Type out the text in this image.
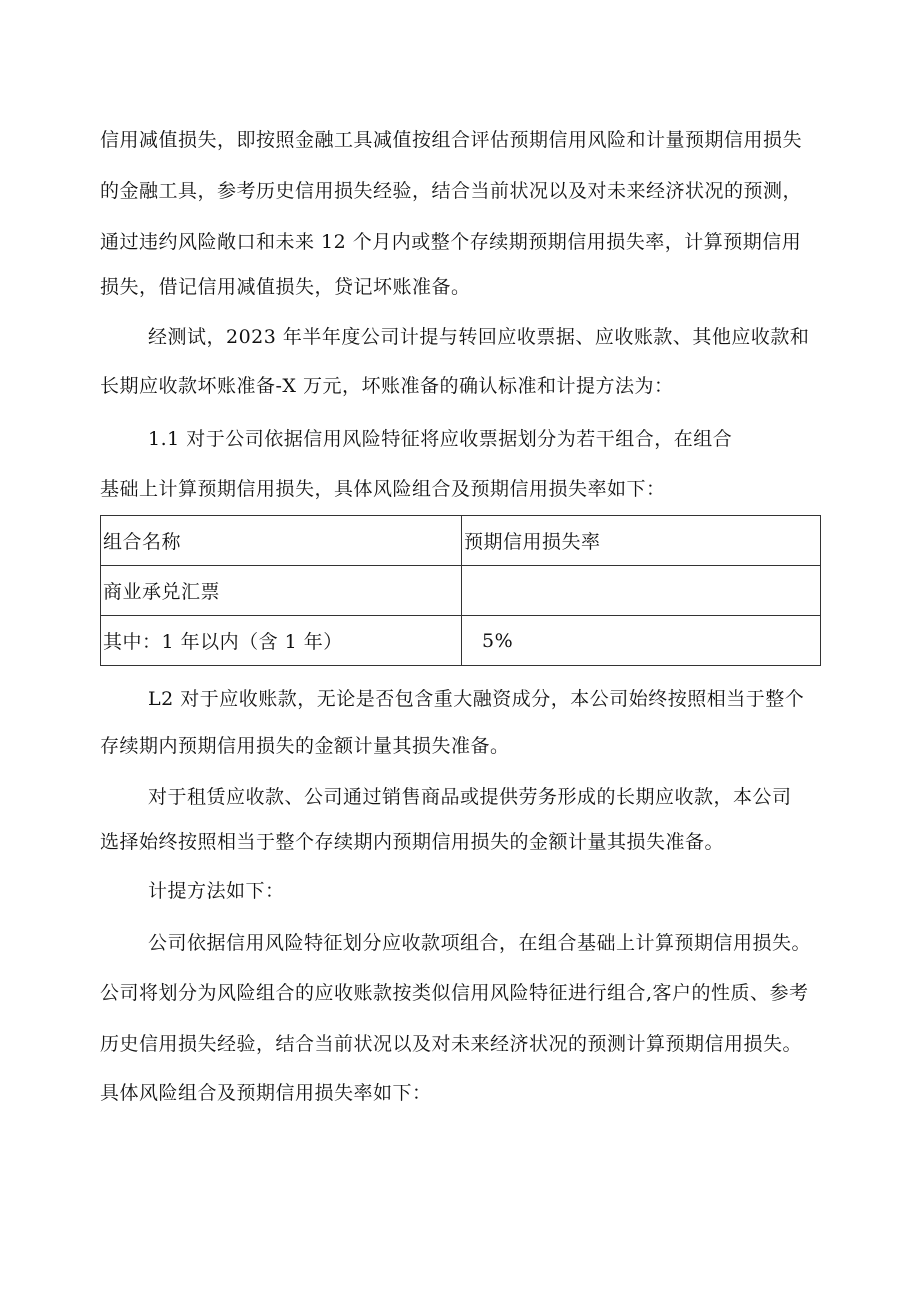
信用减值损失，即按照金融工具减值按组合评估预期信用风险和计量预期信用损失
的金融工具，参考历史信用损失经验，结合当前状况以及对未来经济状况的预测，
通过违约风险敞口和未来 12 个月内或整个存续期预期信用损失率，计算预期信用
损失，借记信用减值损失，贷记坏账准备。
经测试，2023 年半年度公司计提与转回应收票据、应收账款、其他应收款和
长期应收款坏账准备-X 万元，坏账准备的确认标准和计提方法为：
1.1 对于公司依据信用风险特征将应收票据划分为若干组合，在组合
基础上计算预期信用损失，具体风险组合及预期信用损失率如下：
组合名称	预期信用损失率
商业承兑汇票	
其中：1 年以内（含 1 年）	5%
L2 对于应收账款，无论是否包含重大融资成分，本公司始终按照相当于整个
存续期内预期信用损失的金额计量其损失准备。
对于租赁应收款、公司通过销售商品或提供劳务形成的长期应收款，本公司
选择始终按照相当于整个存续期内预期信用损失的金额计量其损失准备。
计提方法如下：
公司依据信用风险特征划分应收款项组合，在组合基础上计算预期信用损失。
公司将划分为风险组合的应收账款按类似信用风险特征进行组合,客户的性质、参考
历史信用损失经验，结合当前状况以及对未来经济状况的预测计算预期信用损失。
具体风险组合及预期信用损失率如下：
